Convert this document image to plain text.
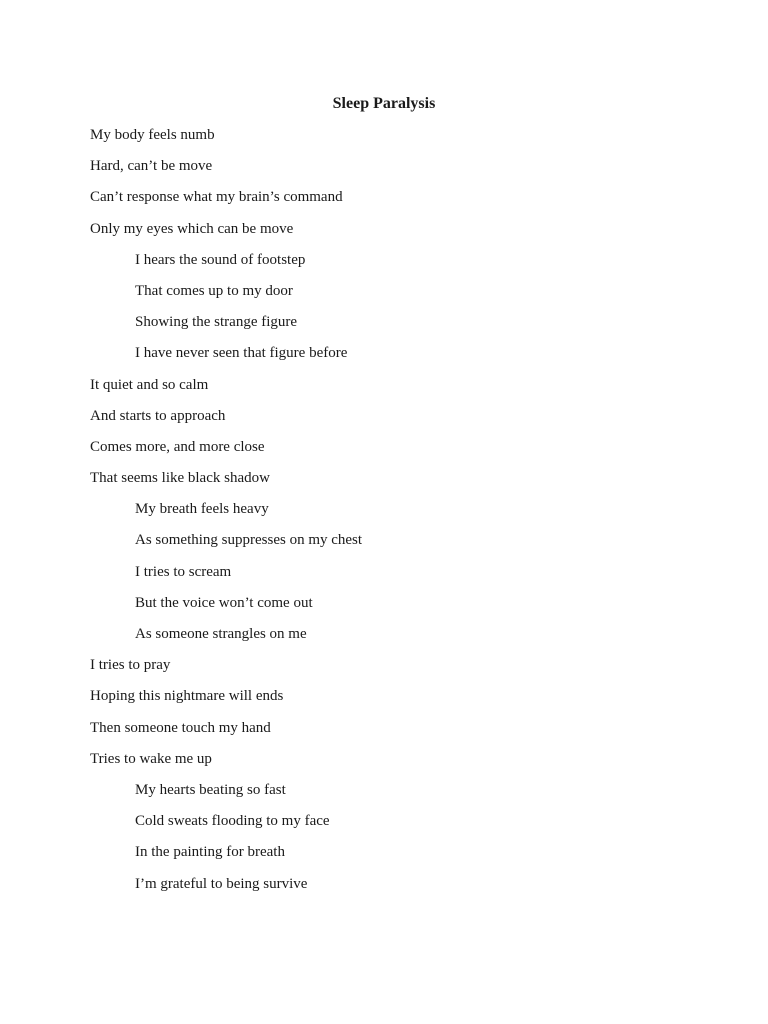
Sleep Paralysis
My body feels numb
Hard, can’t be move
Can’t response what my brain’s command
Only my eyes which can be move
I hears the sound of footstep
That comes up to my door
Showing the strange figure
I have never seen that figure before
It quiet and so calm
And starts to approach
Comes more, and more close
That seems like black shadow
My breath feels heavy
As something suppresses on my chest
I tries to scream
But the voice won’t come out
As someone strangles on me
I tries to pray
Hoping this nightmare will ends
Then someone touch my hand
Tries to wake me up
My hearts beating so fast
Cold sweats flooding to my face
In the painting for breath
I’m grateful to being survive
